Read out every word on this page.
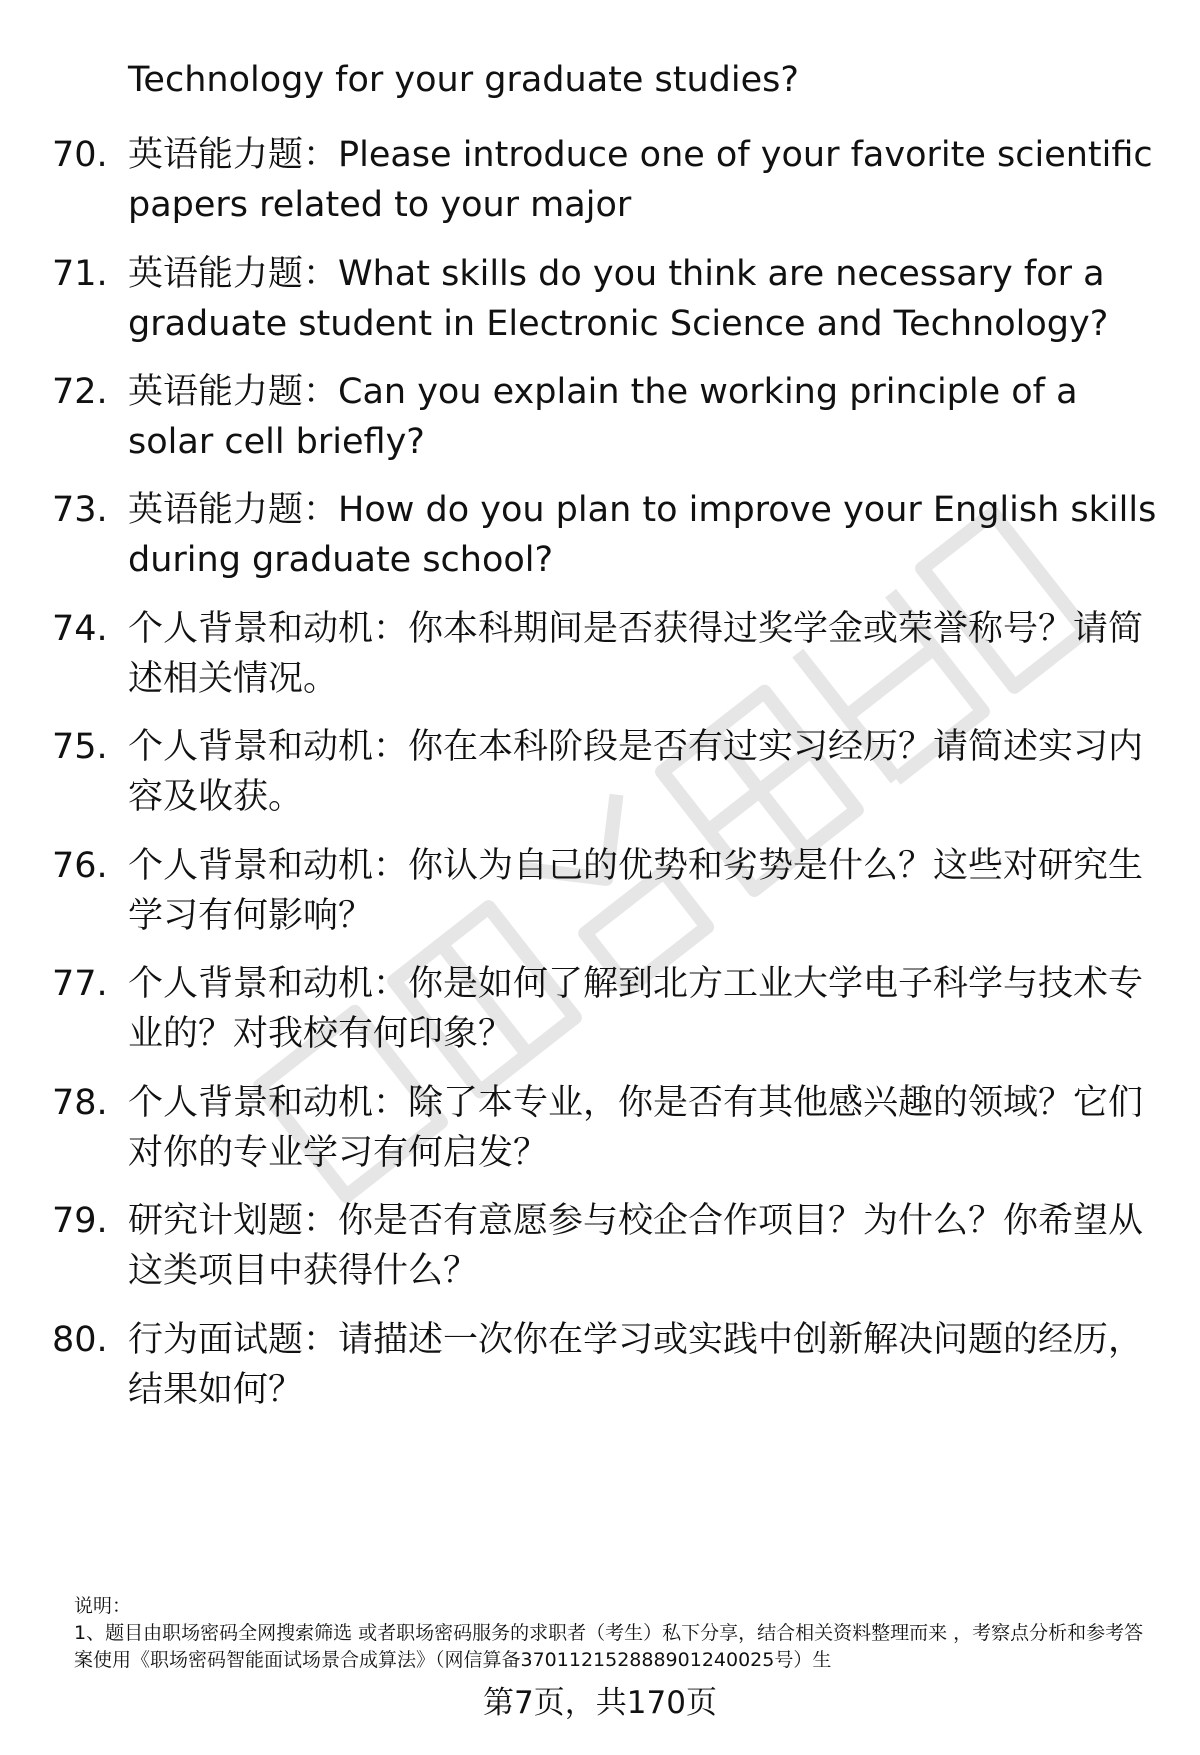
Technology for your graduate studies?
70. 英语能力题：Please introduce one of your favorite scientific papers related to your major
71. 英语能力题：What skills do you think are necessary for a graduate student in Electronic Science and Technology?
72. 英语能力题：Can you explain the working principle of a solar cell briefly?
73. 英语能力题：How do you plan to improve your English skills during graduate school?
74. 个人背景和动机：你本科期间是否获得过奖学金或荣誉称号？请简述相关情况。
75. 个人背景和动机：你在本科阶段是否有过实习经历？请简述实习内容及收获。
76. 个人背景和动机：你认为自己的优势和劣势是什么？这些对研究生学习有何影响？
77. 个人背景和动机：你是如何了解到北方工业大学电子科学与技术专业的？对我校有何印象？
78. 个人背景和动机：除了本专业，你是否有其他感兴趣的领域？它们对你的专业学习有何启发？
79. 研究计划题：你是否有意愿参与校企合作项目？为什么？你希望从这类项目中获得什么？
80. 行为面试题：请描述一次你在学习或实践中创新解决问题的经历，结果如何？
说明：
1、题目由职场密码全网搜索筛选 或者职场密码服务的求职者（考生）私下分享，结合相关资料整理而来 ，考察点分析和参考答案使用《职场密码智能面试场景合成算法》（网信算备370112152888901240025号）生
第7页，共170页
